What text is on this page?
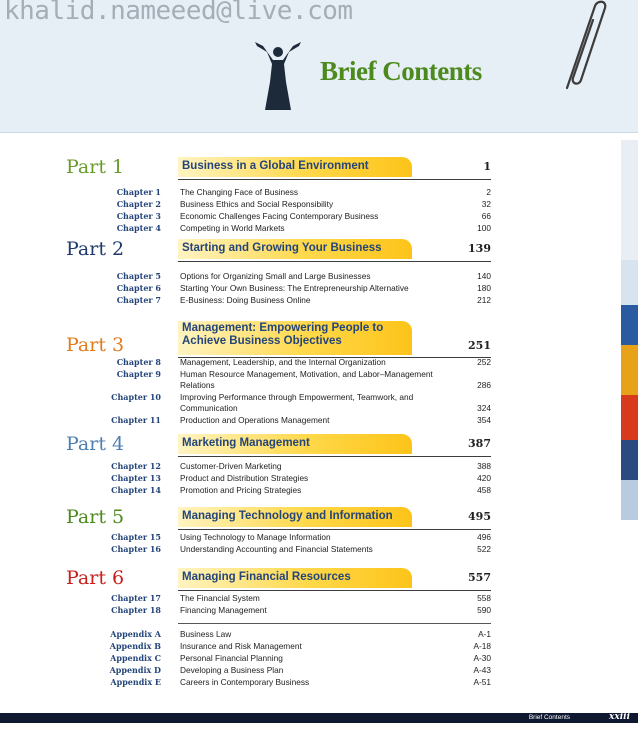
khalid.nameeed@live.com
Brief Contents
Part 1	Business in a Global Environment	1
Chapter 1 The Changing Face of Business	2
Chapter 2 Business Ethics and Social Responsibility	32
Chapter 3 Economic Challenges Facing Contemporary Business	66
Chapter 4 Competing in World Markets	100
Part 2	Starting and Growing Your Business	139
Chapter 5 Options for Organizing Small and Large Businesses	140
Chapter 6 Starting Your Own Business: The Entrepreneurship Alternative	180
Chapter 7 E-Business: Doing Business Online	212
Part 3
Management: Empowering People to Achieve Business Objectives	251
Chapter 8 Management, Leadership, and the Internal Organization	252
Chapter 9 Human Resource Management, Motivation, and Labor–Management Relations	286
Chapter 10 Improving Performance through Empowerment, Teamwork, and Communication	324
Chapter 11 Production and Operations Management	354
Part 4	Marketing Management	387
Chapter 12 Customer-Driven Marketing	388
Chapter 13 Product and Distribution Strategies	420
Chapter 14 Promotion and Pricing Strategies	458
Part 5	Managing Technology and Information	495
Chapter 15 Using Technology to Manage Information	496
Chapter 16 Understanding Accounting and Financial Statements	522
Part 6	Managing Financial Resources	557
Chapter 17 The Financial System	558
Chapter 18 Financing Management	590
Appendix A Business Law	A-1
Appendix B Insurance and Risk Management	A-18
Appendix C Personal Financial Planning	A-30
Appendix D Developing a Business Plan	A-43
Appendix E Careers in Contemporary Business	A-51
Brief Contents	xxiii
